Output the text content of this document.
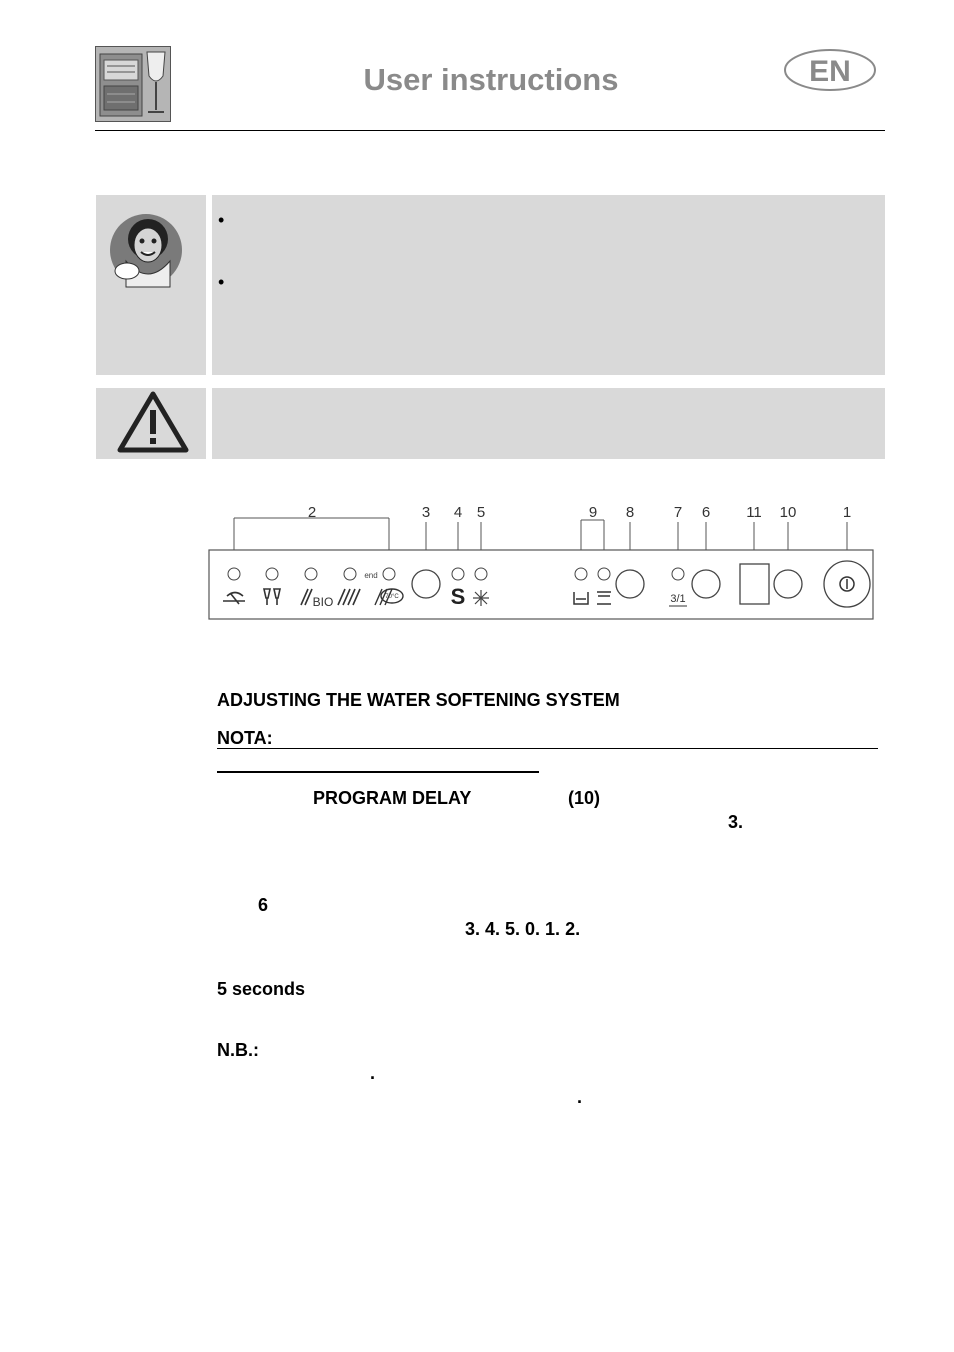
User instructions	EN
•
•
2	3 4 5	9 8	7 6 11 10	1
end
BIO	70°C S	3/1
ADJUSTING THE WATER SOFTENING SYSTEM
NOTA:
PROGRAM DELAY	(10)
3.
6
3. 4. 5. 0. 1. 2.
5 seconds
N.B.:
.
.
